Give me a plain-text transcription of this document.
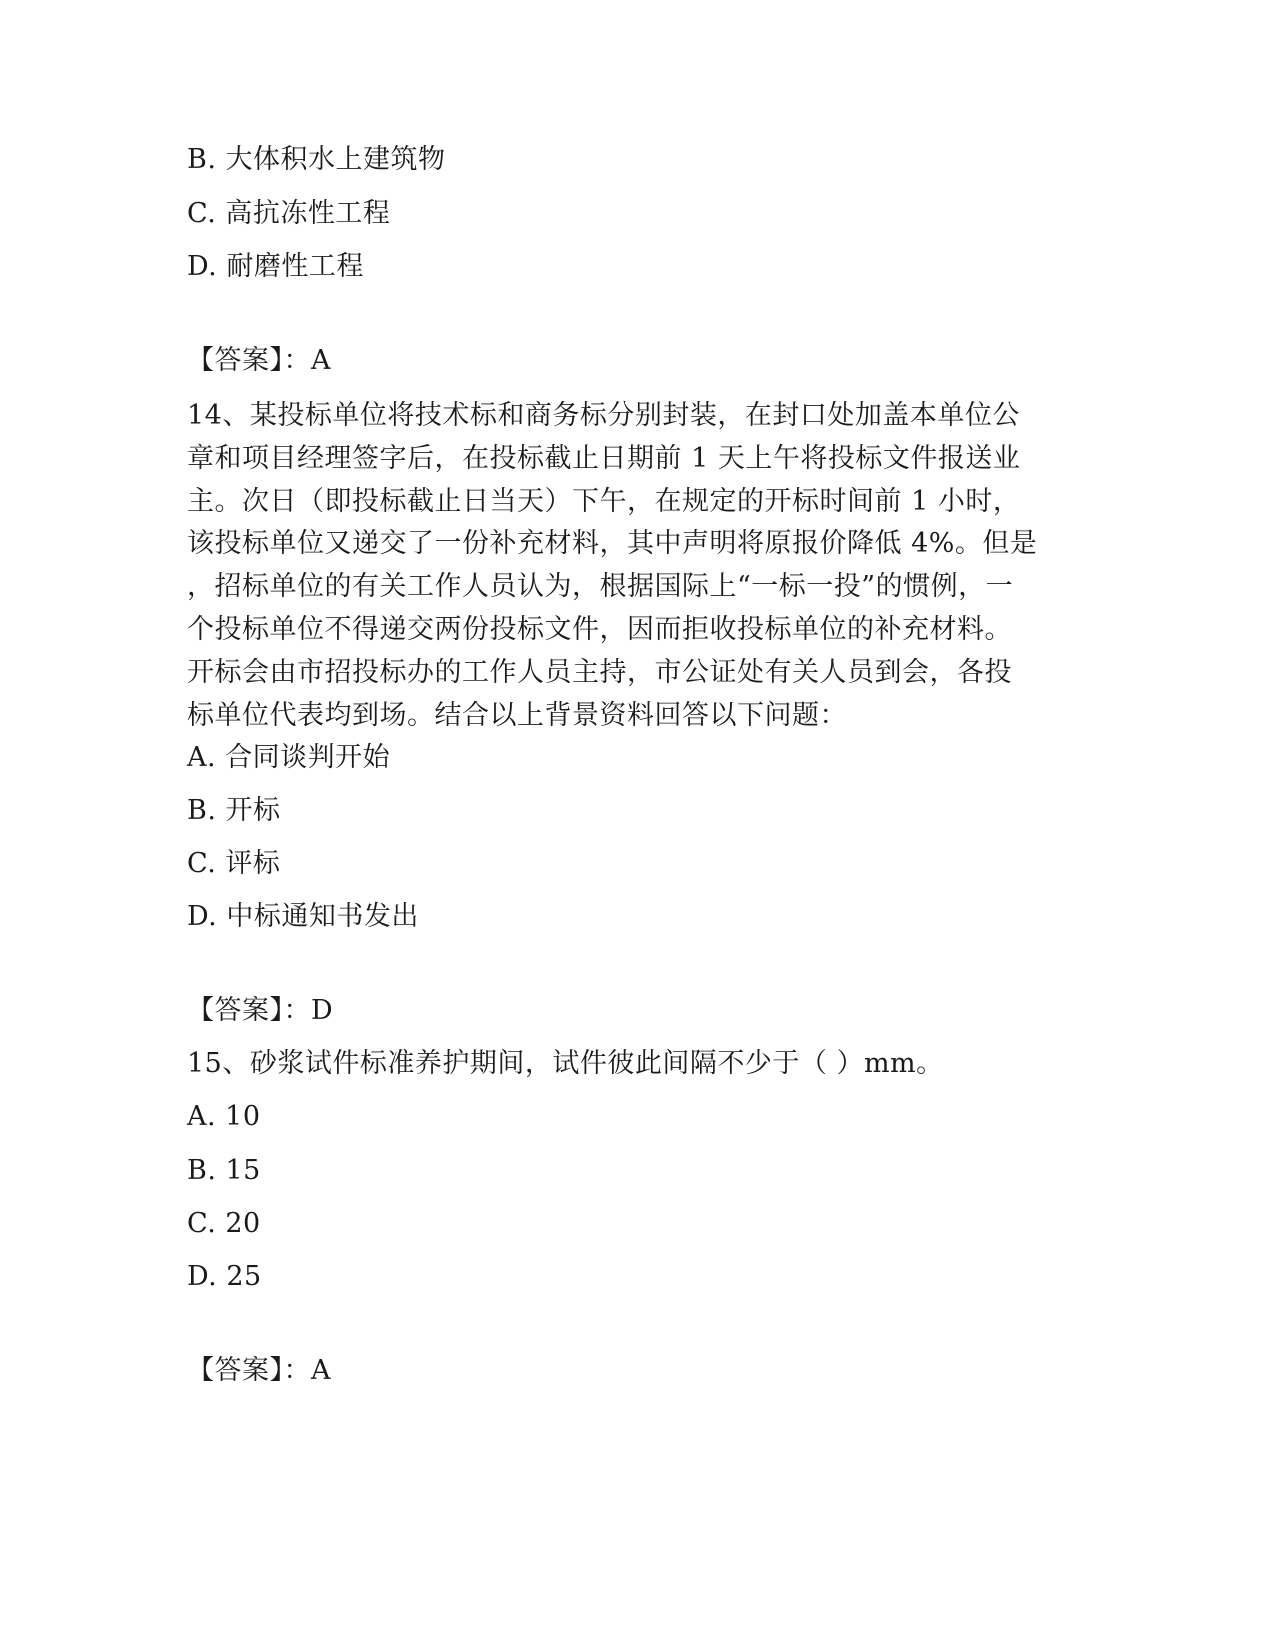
B. 大体积水上建筑物
C. 高抗冻性工程
D. 耐磨性工程
【答案】：A
14、某投标单位将技术标和商务标分别封装，在封口处加盖本单位公
章和项目经理签字后，在投标截止日期前 1 天上午将投标文件报送业
主。次日（即投标截止日当天）下午，在规定的开标时间前 1 小时，
该投标单位又递交了一份补充材料，其中声明将原报价降低 4%。但是
，招标单位的有关工作人员认为，根据国际上“一标一投”的惯例，一
个投标单位不得递交两份投标文件，因而拒收投标单位的补充材料。
开标会由市招投标办的工作人员主持，市公证处有关人员到会，各投
标单位代表均到场。结合以上背景资料回答以下问题：
A. 合同谈判开始
B. 开标
C. 评标
D. 中标通知书发出
【答案】：D
15、砂浆试件标准养护期间，试件彼此间隔不少于（ ）mm。
A. 10
B. 15
C. 20
D. 25
【答案】：A
